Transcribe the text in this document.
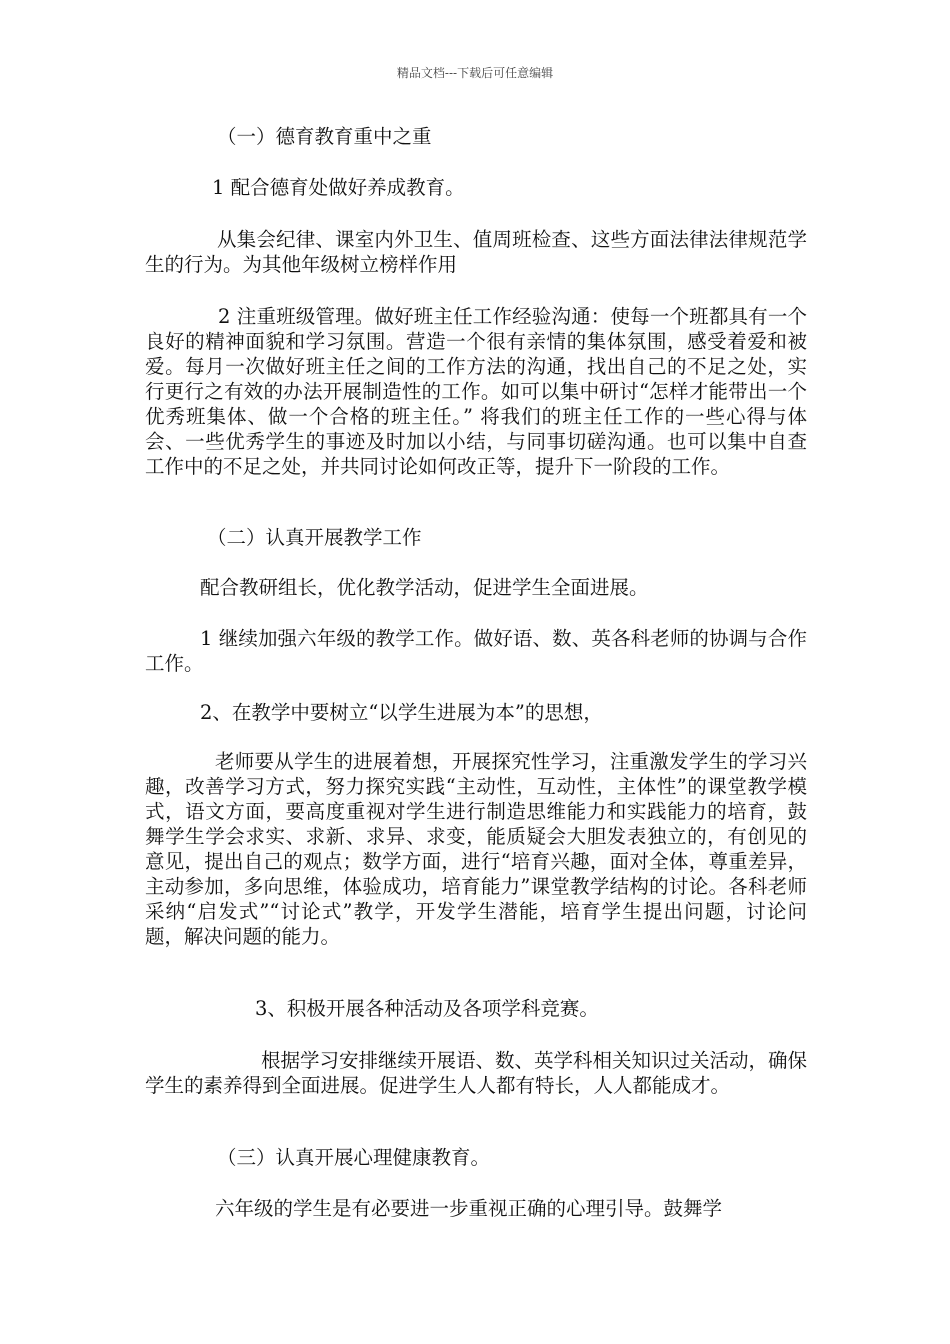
精品文档---下载后可任意编辑

（一）德育教育重中之重

1 配合德育处做好养成教育。

从集会纪律、课室内外卫生、值周班检查、这些方面法律法律规范学生的行为。为其他年级树立榜样作用

2 注重班级管理。做好班主任工作经验沟通：使每一个班都具有一个良好的精神面貌和学习氛围。营造一个很有亲情的集体氛围，感受着爱和被爱。每月一次做好班主任之间的工作方法的沟通，找出自己的不足之处，实行更行之有效的办法开展制造性的工作。如可以集中研讨“怎样才能带出一个优秀班集体、做一个合格的班主任。” 将我们的班主任工作的一些心得与体会、一些优秀学生的事迹及时加以小结，与同事切磋沟通。也可以集中自查工作中的不足之处，并共同讨论如何改正等，提升下一阶段的工作。

（二）认真开展教学工作

配合教研组长，优化教学活动，促进学生全面进展。

1 继续加强六年级的教学工作。做好语、数、英各科老师的协调与合作工作。

2、在教学中要树立“以学生进展为本”的思想，

老师要从学生的进展着想，开展探究性学习，注重激发学生的学习兴趣，改善学习方式，努力探究实践“主动性，互动性，主体性”的课堂教学模式，语文方面，要高度重视对学生进行制造思维能力和实践能力的培育，鼓舞学生学会求实、求新、求异、求变，能质疑会大胆发表独立的，有创见的意见，提出自己的观点；数学方面，进行“培育兴趣，面对全体，尊重差异，主动参加，多向思维，体验成功，培育能力”课堂教学结构的讨论。各科老师采纳“启发式”“讨论式”教学，开发学生潜能，培育学生提出问题，讨论问题，解决问题的能力。

3、积极开展各种活动及各项学科竞赛。

根据学习安排继续开展语、数、英学科相关知识过关活动，确保学生的素养得到全面进展。促进学生人人都有特长，人人都能成才。

（三）认真开展心理健康教育。

六年级的学生是有必要进一步重视正确的心理引导。鼓舞学
